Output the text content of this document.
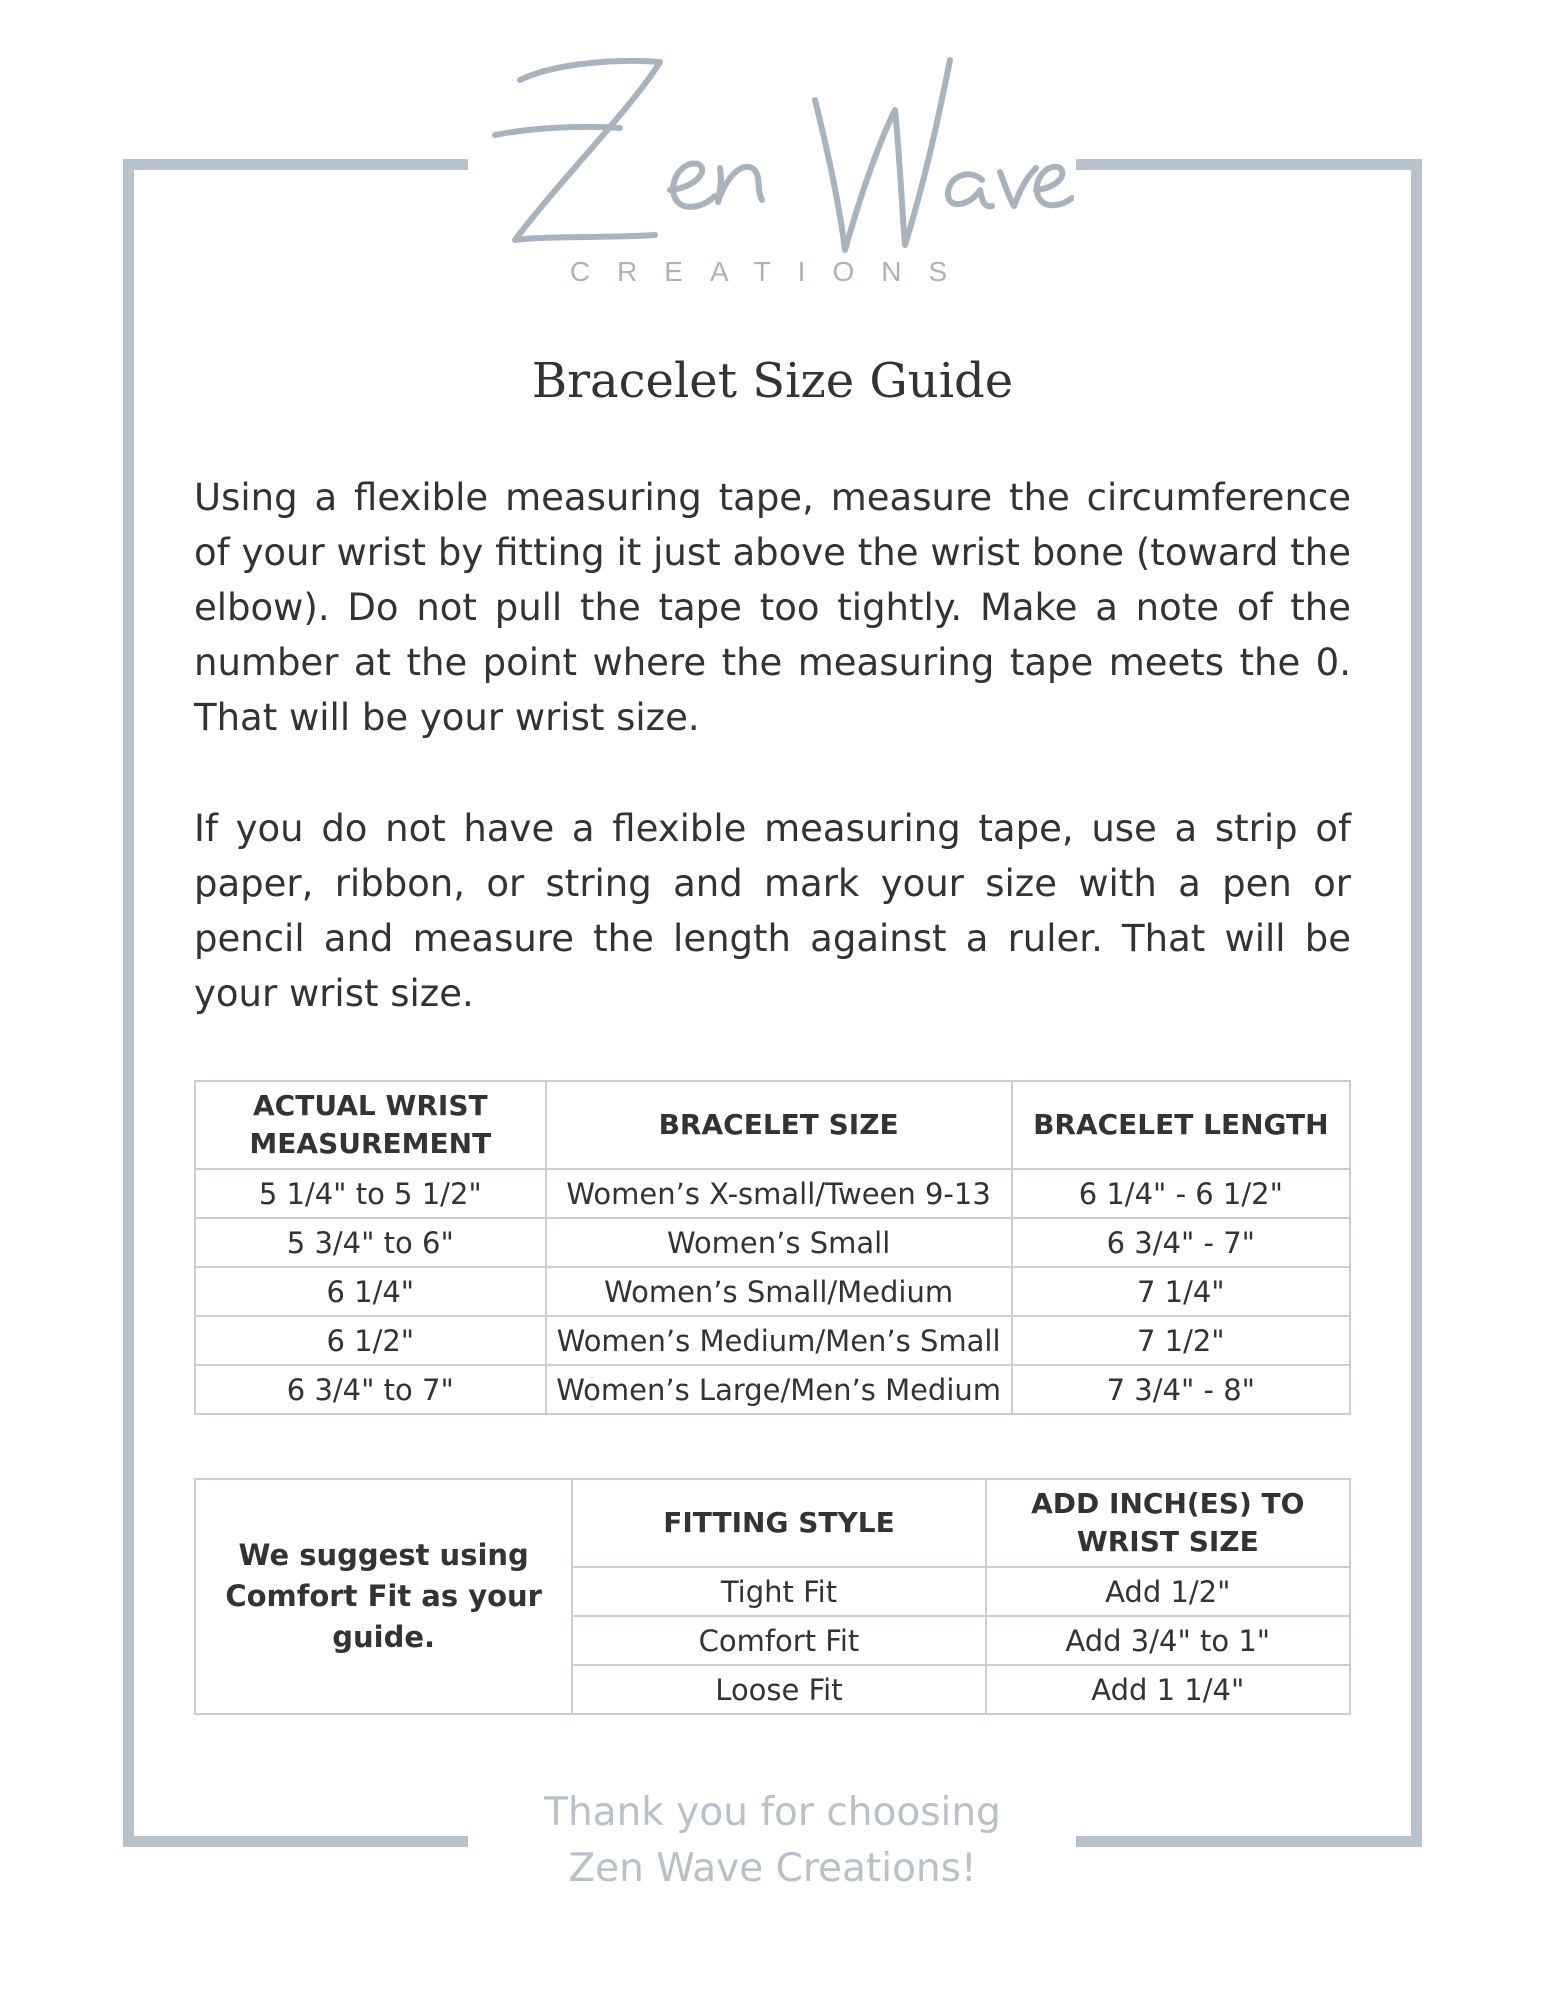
CREATIONS
Bracelet Size Guide

Using a flexible measuring tape, measure the circumference of your wrist by fitting it just above the wrist bone (toward the elbow). Do not pull the tape too tightly. Make a note of the number at the point where the measuring tape meets the 0. That will be your wrist size.

If you do not have a flexible measuring tape, use a strip of paper, ribbon, or string and mark your size with a pen or pencil and measure the length against a ruler. That will be your wrist size.

ACTUAL WRIST MEASUREMENT	BRACELET SIZE	BRACELET LENGTH
5 1/4" to 5 1/2"	Women’s X-small/Tween 9-13	6 1/4" - 6 1/2"
5 3/4" to 6"	Women’s Small	6 3/4" - 7"
6 1/4"	Women’s Small/Medium	7 1/4"
6 1/2"	Women’s Medium/Men’s Small	7 1/2"
6 3/4" to 7"	Women’s Large/Men’s Medium	7 3/4" - 8"
We suggest using Comfort Fit as your guide.	FITTING STYLE	ADD INCH(ES) TO WRIST SIZE
	Tight Fit	Add 1/2"
	Comfort Fit	Add 3/4" to 1"
	Loose Fit	Add 1 1/4"
Thank you for choosing
Zen Wave Creations!
